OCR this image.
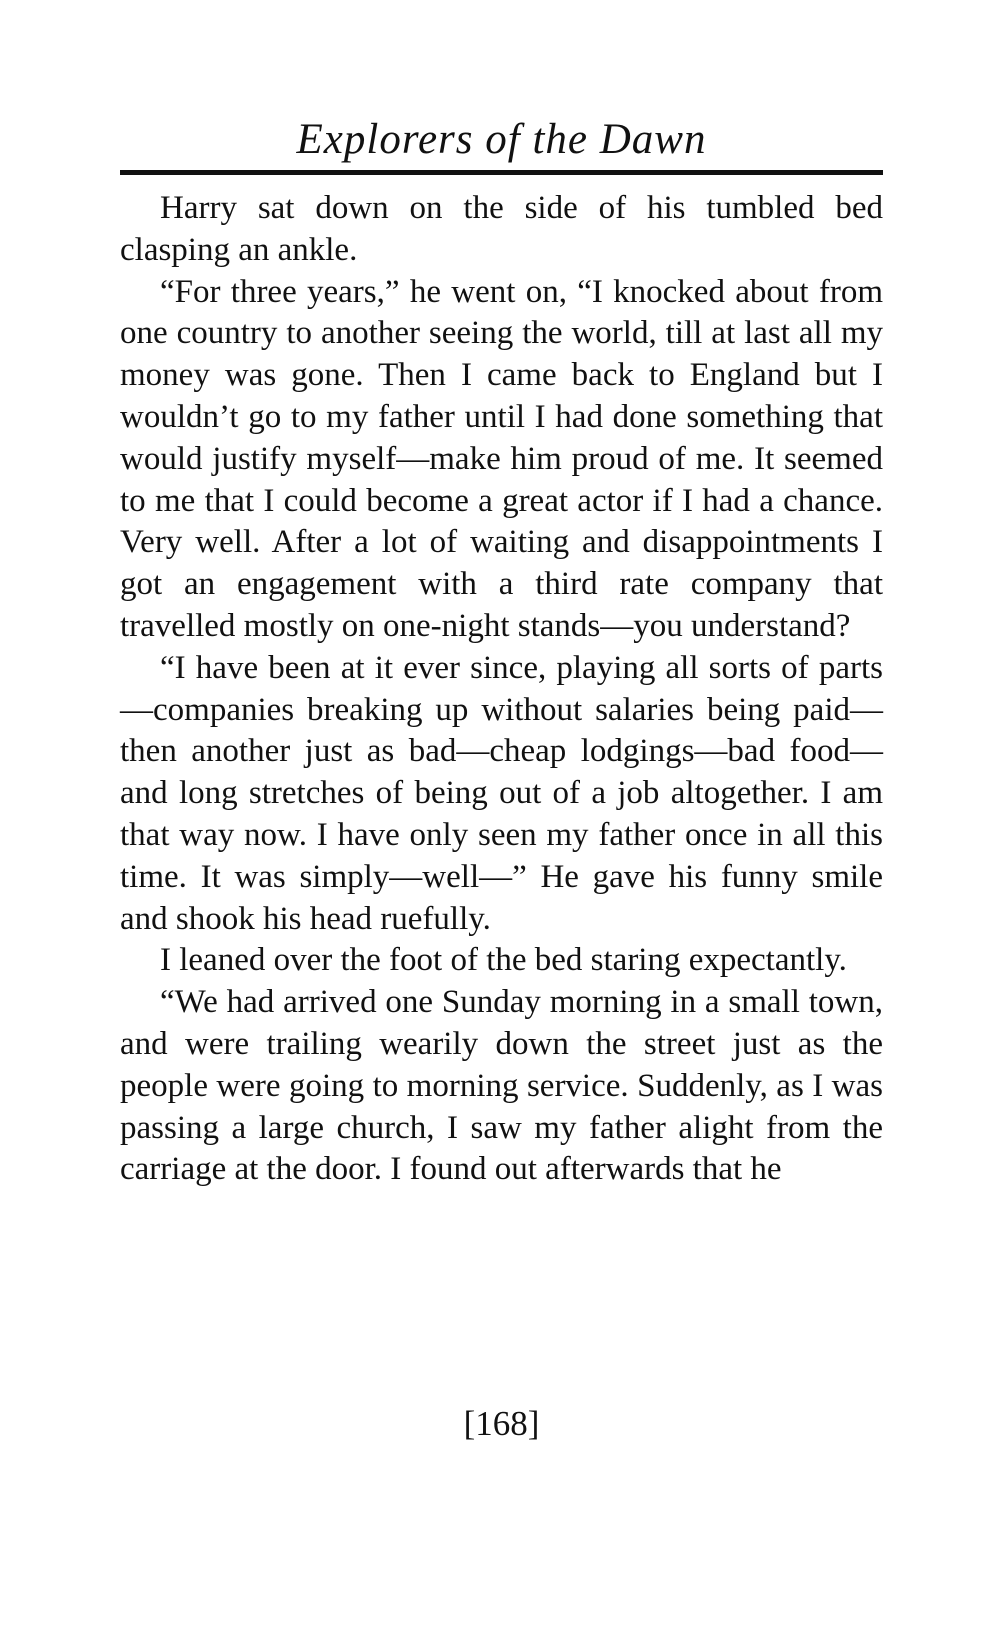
Explorers of the Dawn

Harry sat down on the side of his tumbled bed clasping an ankle.

“For three years,” he went on, “I knocked about from one country to another seeing the world, till at last all my money was gone. Then I came back to England but I wouldn’t go to my father until I had done something that would justify myself—make him proud of me. It seemed to me that I could become a great actor if I had a chance. Very well. After a lot of waiting and disappointments I got an engagement with a third rate company that travelled mostly on one-night stands—you understand?

“I have been at it ever since, playing all sorts of parts—companies breaking up without salaries being paid—then another just as bad—cheap lodgings—bad food—and long stretches of being out of a job altogether. I am that way now. I have only seen my father once in all this time. It was simply—well—” He gave his funny smile and shook his head ruefully.

I leaned over the foot of the bed staring expectantly.

“We had arrived one Sunday morning in a small town, and were trailing wearily down the street just as the people were going to morning service. Suddenly, as I was passing a large church, I saw my father alight from the carriage at the door. I found out afterwards that he

[168]
